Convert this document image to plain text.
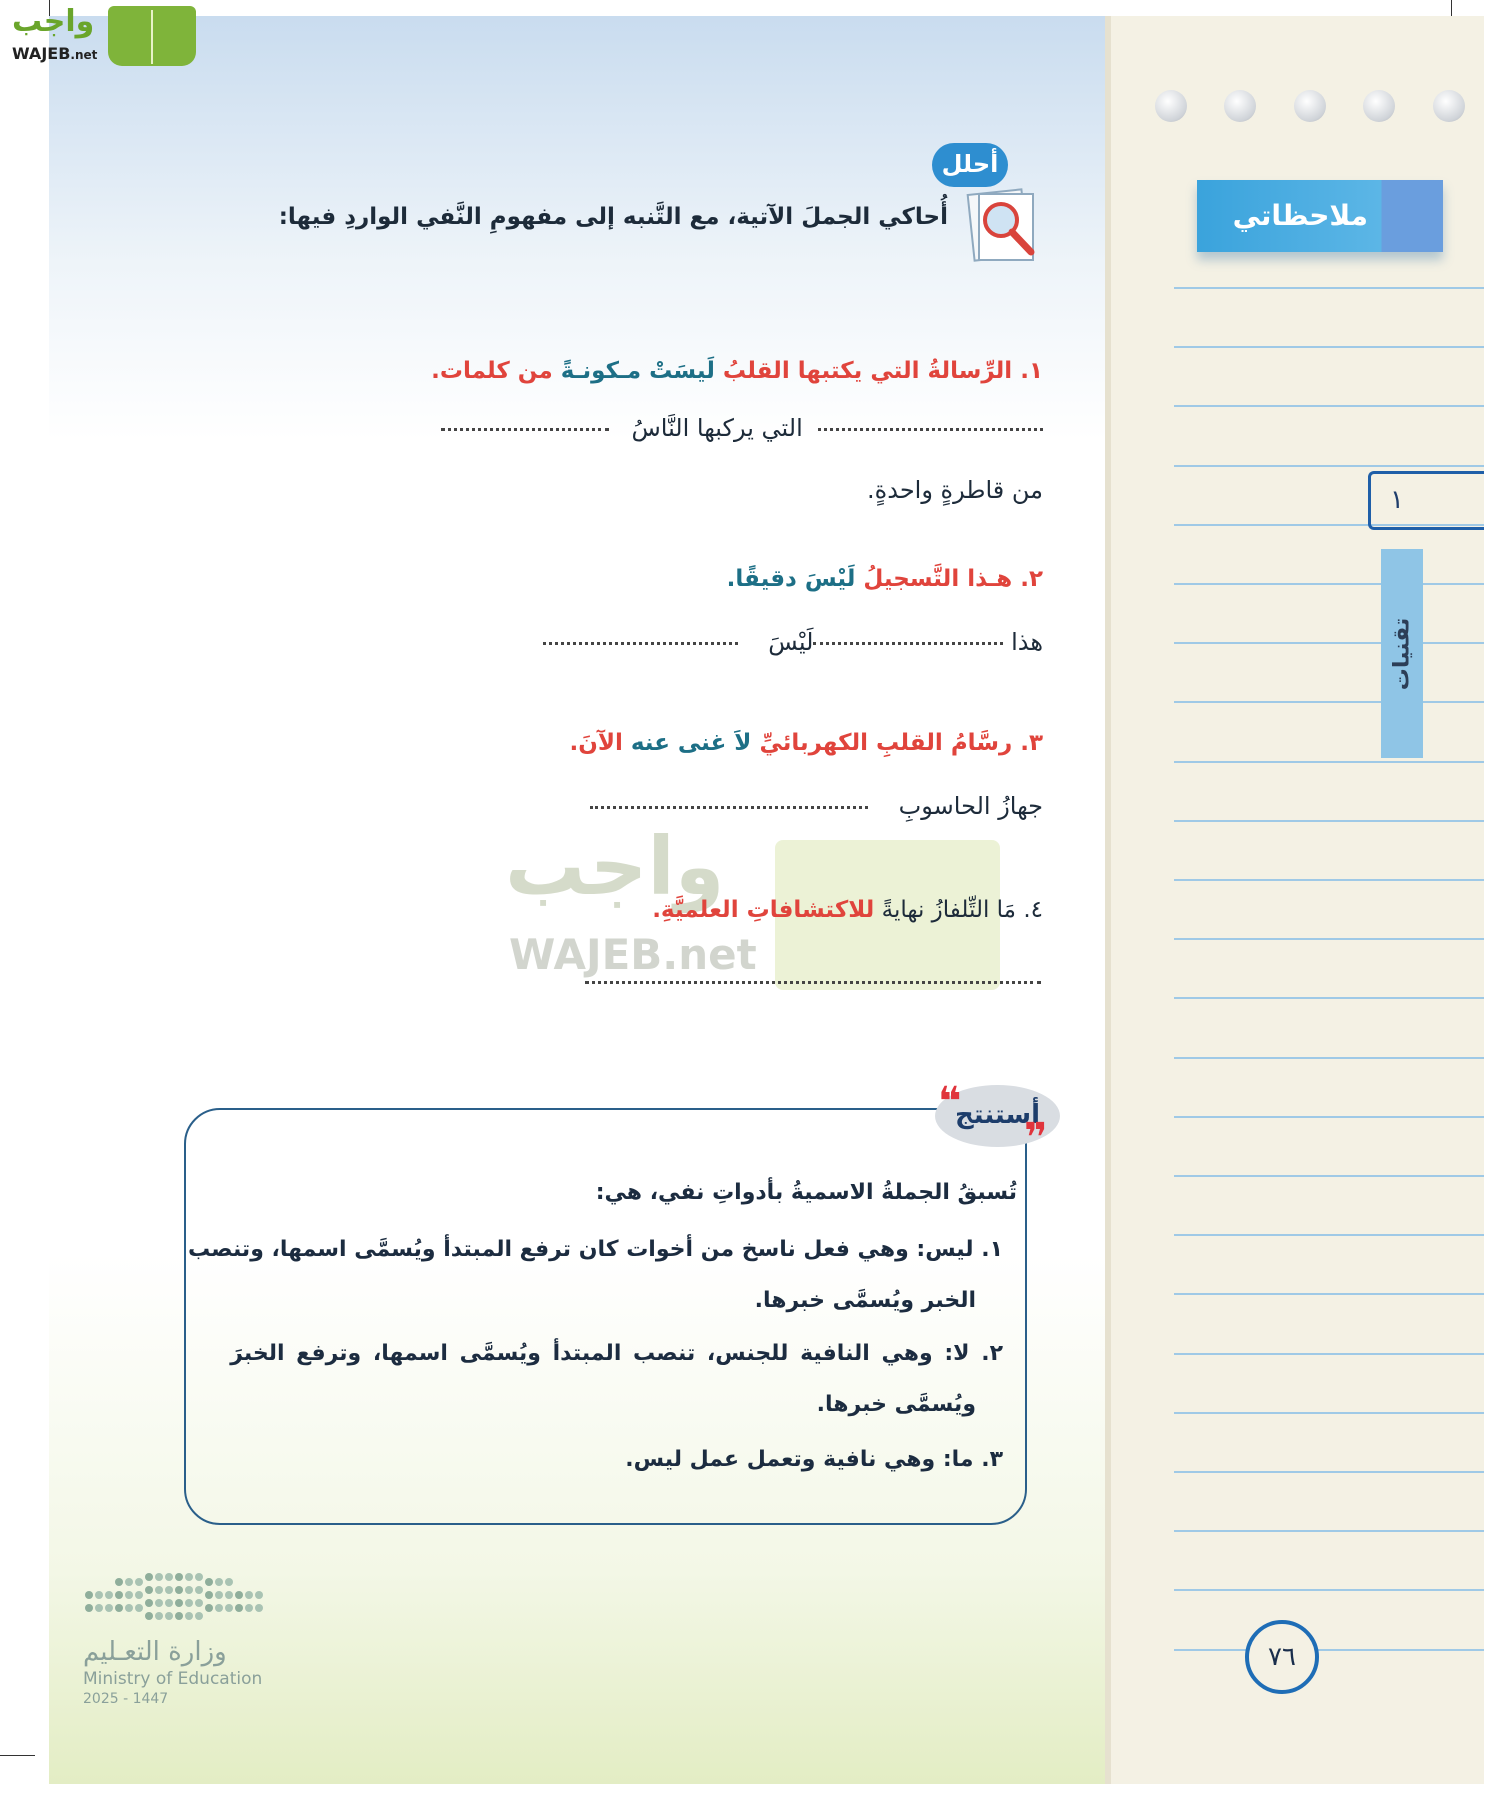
واجب
WAJEB.net
ملاحظاتي
١
تقنيات
٧٦
أحلل
أُحاكي الجملَ الآتية، مع التَّنبه إلى مفهومِ النَّفي الواردِ فيها:
١. الرِّسالةُ التي يكتبها القلبُ لَيسَتْ مـكونـةً من كلمات.
التي يركبها النَّاسُ
من قاطرةٍ واحدةٍ.
٢. هـذا التَّسجيلُ لَيْسَ دقيقًا.
هذا لَيْسَ
٣. رسَّامُ القلبِ الكهربائيِّ لاَ غنى عنه الآنَ.
جهازُ الحاسوبِ
واجب
WAJEB.net
٤. مَا التِّلفازُ نهايةً للاكتشافاتِ العلميَّةِ.
أستنتج
❝
❞
تُسبقُ الجملةُ الاسميةُ بأدواتِ نفي، هي:
١. ليس: وهي فعل ناسخ من أخوات كان ترفع المبتدأ ويُسمَّى اسمها، وتنصب
الخبر ويُسمَّى خبرها.
٢. لا: وهي النافية للجنس، تنصب المبتدأ ويُسمَّى اسمها، وترفع الخبرَ
ويُسمَّى خبرها.
٣. ما: وهي نافية وتعمل عمل ليس.
وزارة التعـليم
Ministry of Education
2025 - 1447
